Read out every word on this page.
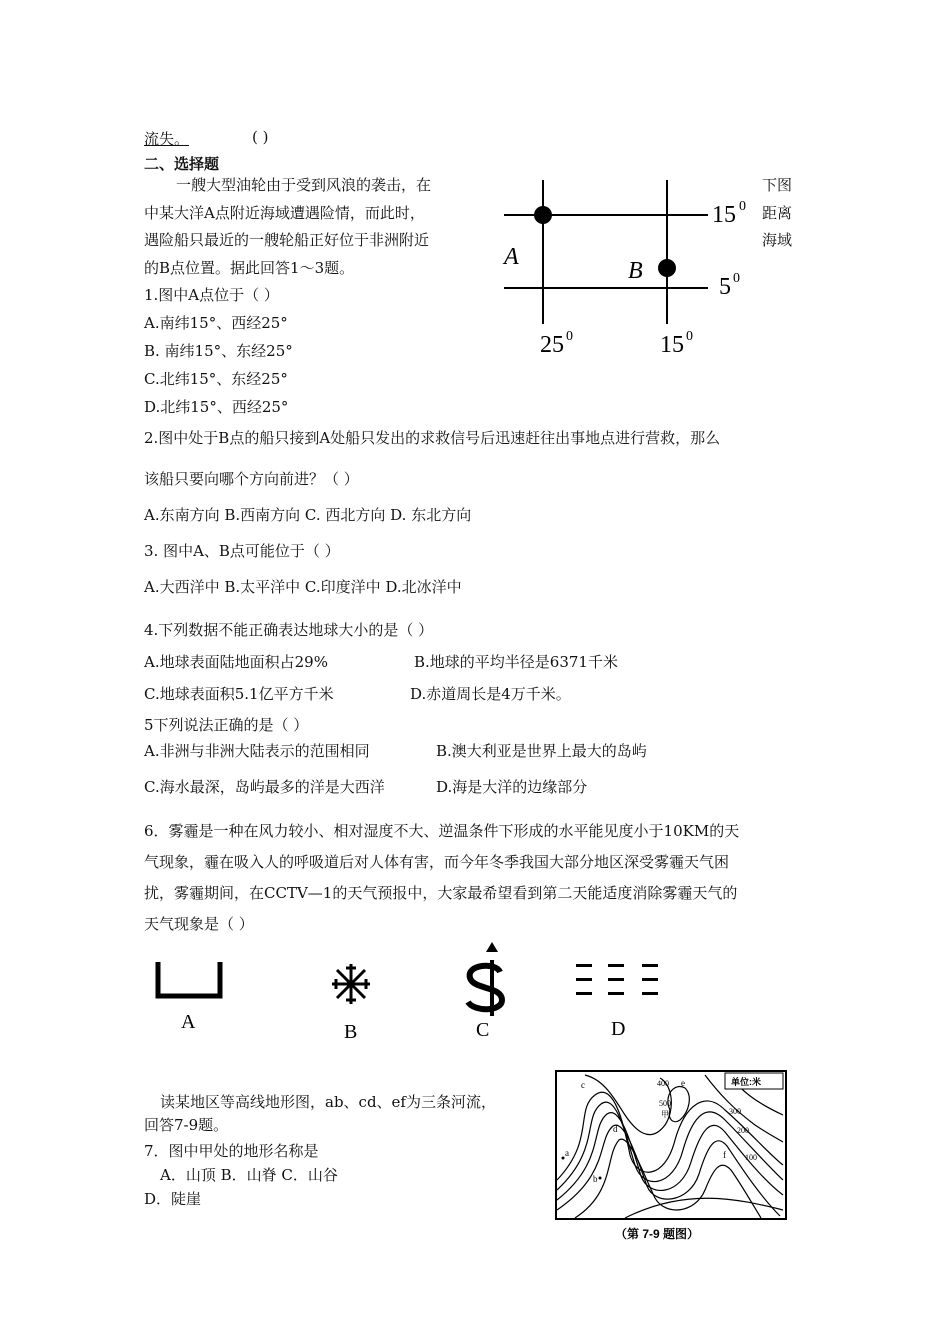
流失。	( )
二、选择题
一艘大型油轮由于受到风浪的袭击，在
中某大洋A点附近海域遭遇险情，而此时，
遇险船只最近的一艘轮船正好位于非洲附近
的B点位置。据此回答1～3题。
下图
距离
海域
A
B
15 0
5 0
25 0	15 0
1.图中A点位于（ ）
A.南纬15°、西经25°
B. 南纬15°、东经25°
C.北纬15°、东经25°
D.北纬15°、西经25°
2.图中处于B点的船只接到A处船只发出的求救信号后迅速赶往出事地点进行营救，那么
该船只要向哪个方向前进？（ ）
A.东南方向 B.西南方向 C. 西北方向 D. 东北方向
3. 图中A、B点可能位于（ ）
A.大西洋中 B.太平洋中 C.印度洋中 D.北冰洋中
4.下列数据不能正确表达地球大小的是（ ）
A.地球表面陆地面积占29%	B.地球的平均半径是6371千米
C.地球表面积5.1亿平方千米	D.赤道周长是4万千米。
5下列说法正确的是（ ）
A.非洲与非洲大陆表示的范围相同	B.澳大利亚是世界上最大的岛屿
C.海水最深，岛屿最多的洋是大西洋	D.海是大洋的边缘部分
6．雾霾是一种在风力较小、相对湿度不大、逆温条件下形成的水平能见度小于10KM的天
气现象，霾在吸入人的呼吸道后对人体有害，而今年冬季我国大部分地区深受雾霾天气困
扰，雾霾期间，在CCTV—1的天气预报中，大家最希望看到第二天能适度消除雾霾天气的
天气现象是（ ）
A	B	C	D
读某地区等高线地形图，ab、cd、ef为三条河流，
回答7-9题。
7．图中甲处的地形名称是
A．山顶 B．山脊 C．山谷
D．陡崖
c
d
e
f
a
b
400
500
甲	300
200
100
单位:米
（第 7-9 题图）
